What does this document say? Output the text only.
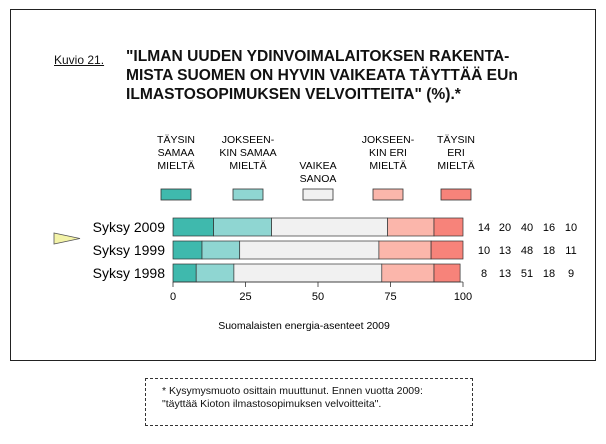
Kuvio 21. "ILMAN UUDEN YDINVOIMALAITOKSEN RAKENTA-
MISTA SUOMEN ON HYVIN VAIKEATA TÄYTTÄÄ EUn
ILMASTOSOPIMUKSEN VELVOITTEITA" (%).*
TÄYSIN
SAMAA
MIELTÄ
JOKSEEN-
KIN SAMAA
MIELTÄ	VAIKEA
SANOA
JOKSEEN-
KIN ERI
MIELTÄ
TÄYSIN
ERI
MIELTÄ
Syksy 2009	14 20 40 16 10
Syksy 1999	10 13 48 18 11
Syksy 1998	8 13 51 18 9
0	25	50	75	100
Suomalaisten energia-asenteet 2009
* Kysymysmuoto osittain muuttunut. Ennen vuotta 2009:
"täyttää Kioton ilmastosopimuksen velvoitteita".
